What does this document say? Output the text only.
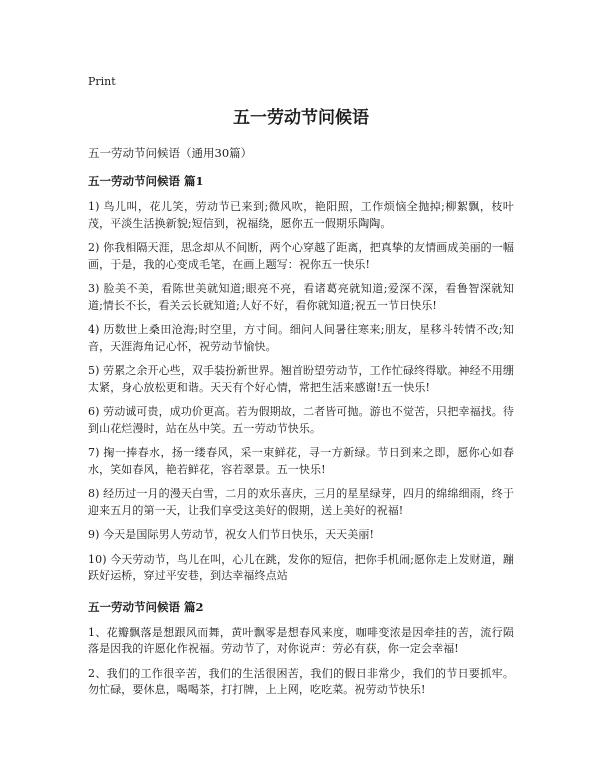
Print
五一劳动节问候语

五一劳动节问候语（通用30篇）

五一劳动节问候语 篇1

1) 鸟儿叫，花儿笑，劳动节已来到;微风吹，艳阳照，工作烦恼全抛掉;柳絮飘，枝叶茂，平淡生活换新貌;短信到，祝福绕，愿你五一假期乐陶陶。

2) 你我相隔天涯，思念却从不间断，两个心穿越了距离，把真挚的友情画成美丽的一幅画，于是，我的心变成毛笔，在画上题写：祝你五一快乐!

3) 脸美不美，看陈世美就知道;眼亮不亮，看诸葛亮就知道;爱深不深，看鲁智深就知道;情长不长，看关云长就知道;人好不好，看你就知道;祝五一节日快乐!

4) 历数世上桑田沧海;时空里，方寸间。细问人间暑往寒来;朋友，星移斗转情不改;知音，天涯海角记心怀，祝劳动节愉快。

5) 劳累之余开心些，双手装扮新世界。翘首盼望劳动节，工作忙碌终得歇。神经不用绷太紧，身心放松更和谐。天天有个好心情，常把生活来感谢!五一快乐!

6) 劳动诚可贵，成功价更高。若为假期故，二者皆可抛。游也不觉苦，只把幸福找。待到山花烂漫时，站在丛中笑。五一劳动节快乐。

7) 掬一捧春水，扬一缕春风，采一束鲜花，寻一方新绿。节日到来之即，愿你心如春水，笑如春风，艳若鲜花，容若翠景。五一快乐!

8) 经历过一月的漫天白雪，二月的欢乐喜庆，三月的星星绿芽，四月的绵绵细雨，终于迎来五月的第一天，让我们享受这美好的假期，送上美好的祝福!

9) 今天是国际男人劳动节，祝女人们节日快乐，天天美丽!

10) 今天劳动节，鸟儿在叫，心儿在跳，发你的短信，把你手机闹;愿你走上发财道，蹦跃好运桥，穿过平安巷，到达幸福终点站

五一劳动节问候语 篇2

1、花瓣飘落是想跟风而舞，黄叶飘零是想春风来度，咖啡变浓是因牵挂的苦，流行陨落是因我的许愿化作祝福。劳动节了，对你说声：劳必有获，你一定会幸福!

2、我们的工作很辛苦，我们的生活很困苦，我们的假日非常少，我们的节日要抓牢。勿忙碌，要休息，喝喝茶，打打牌，上上网，吃吃菜。祝劳动节快乐!
